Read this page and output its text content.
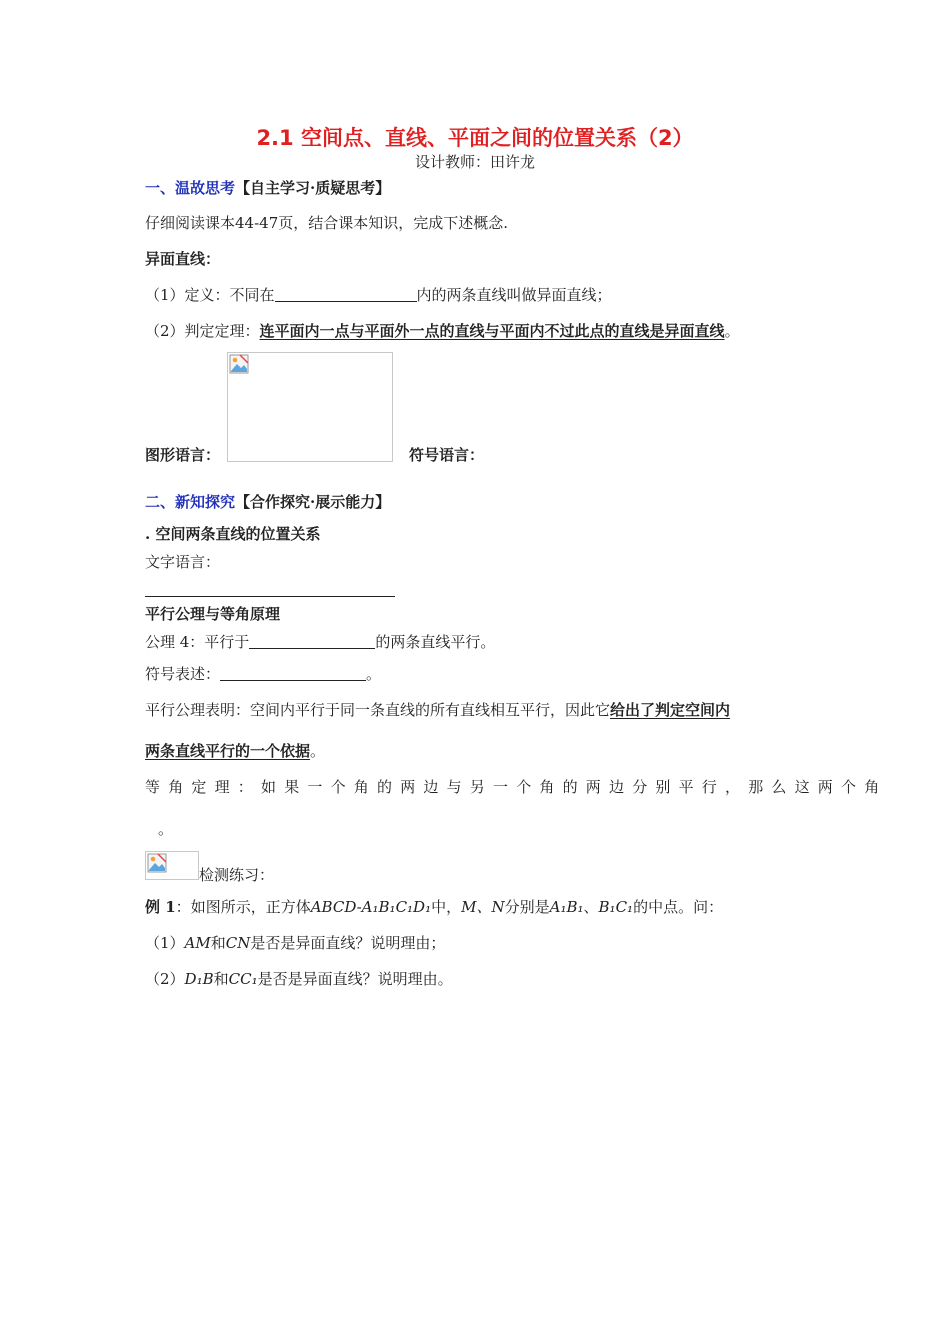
2.1 空间点、直线、平面之间的位置关系（2）
设计教师：田许龙
一、温故思考【自主学习·质疑思考】
仔细阅读课本44-47页，结合课本知识，完成下述概念.
异面直线：
（1）定义：不同在	内的两条直线叫做异面直线；
（2）判定定理：连平面内一点与平面外一点的直线与平面内不过此点的直线是异面直线。
图形语言：	符号语言：
二、新知探究【合作探究·展示能力】
. 空间两条直线的位置关系
文字语言：
平行公理与等角原理
公理 4：平行于	的两条直线平行。
符号表述：	。
平行公理表明：空间内平行于同一条直线的所有直线相互平行，因此它给出了判定空间内
两条直线平行的一个依据。
等角定理：如果一个角的两边与另一个角的两边分别平行，那么这两个角
。
检测练习：
例 1：如图所示，正方体ABCD-A₁B₁C₁D₁中，M、N分别是A₁B₁、B₁C₁的中点。问：
（1）AM和CN是否是异面直线？说明理由；
（2）D₁B和CC₁是否是异面直线？说明理由。
